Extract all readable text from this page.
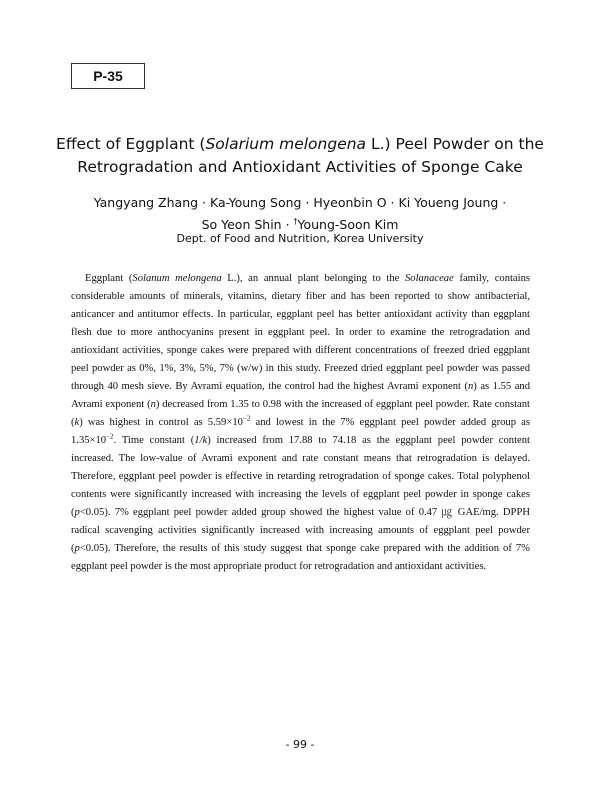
P-35
Effect of Eggplant (Solarium melongena L.) Peel Powder on the
Retrogradation and Antioxidant Activities of Sponge Cake
Yangyang Zhang · Ka-Young Song · Hyeonbin O · Ki Youeng Joung ·
So Yeon Shin · †Young-Soon Kim
Dept. of Food and Nutrition, Korea University

Eggplant (Solanum melongena L.), an annual plant belonging to the Solanaceae family, contains considerable amounts of minerals, vitamins, dietary fiber and has been reported to show antibacterial, anticancer and antitumor effects. In particular, eggplant peel has better antioxidant activity than eggplant flesh due to more anthocyanins present in eggplant peel. In order to examine the retrogradation and antioxidant activities, sponge cakes were prepared with different concentrations of freezed dried eggplant peel powder as 0%, 1%, 3%, 5%, 7% (w/w) in this study. Freezed dried eggplant peel powder was passed through 40 mesh sieve. By Avrami equation, the control had the highest Avrami exponent (n) as 1.55 and Avrami exponent (n) decreased from 1.35 to 0.98 with the increased of eggplant peel powder. Rate constant (k) was highest in control as $5.59\times 10^{-2}$ and lowest in the 7% eggplant peel powder added group as $1.35\times 10^{-2}$. Time constant (1/k) increased from 17.88 to 74.18 as the eggplant peel powder content increased. The low-value of Avrami exponent and rate constant means that retrogradation is delayed. Therefore, eggplant peel powder is effective in retarding retrogradation of sponge cakes. Total polyphenol contents were significantly increased with increasing the levels of eggplant peel powder in sponge cakes (p<0.05). 7% eggplant peel powder added group showed the highest value of 0.47 ㎍ GAE/mg. DPPH radical scavenging activities significantly increased with increasing amounts of eggplant peel powder (p<0.05). Therefore, the results of this study suggest that sponge cake prepared with the addition of 7% eggplant peel powder is the most appropriate product for retrogradation and antioxidant activities.

- 99 -
